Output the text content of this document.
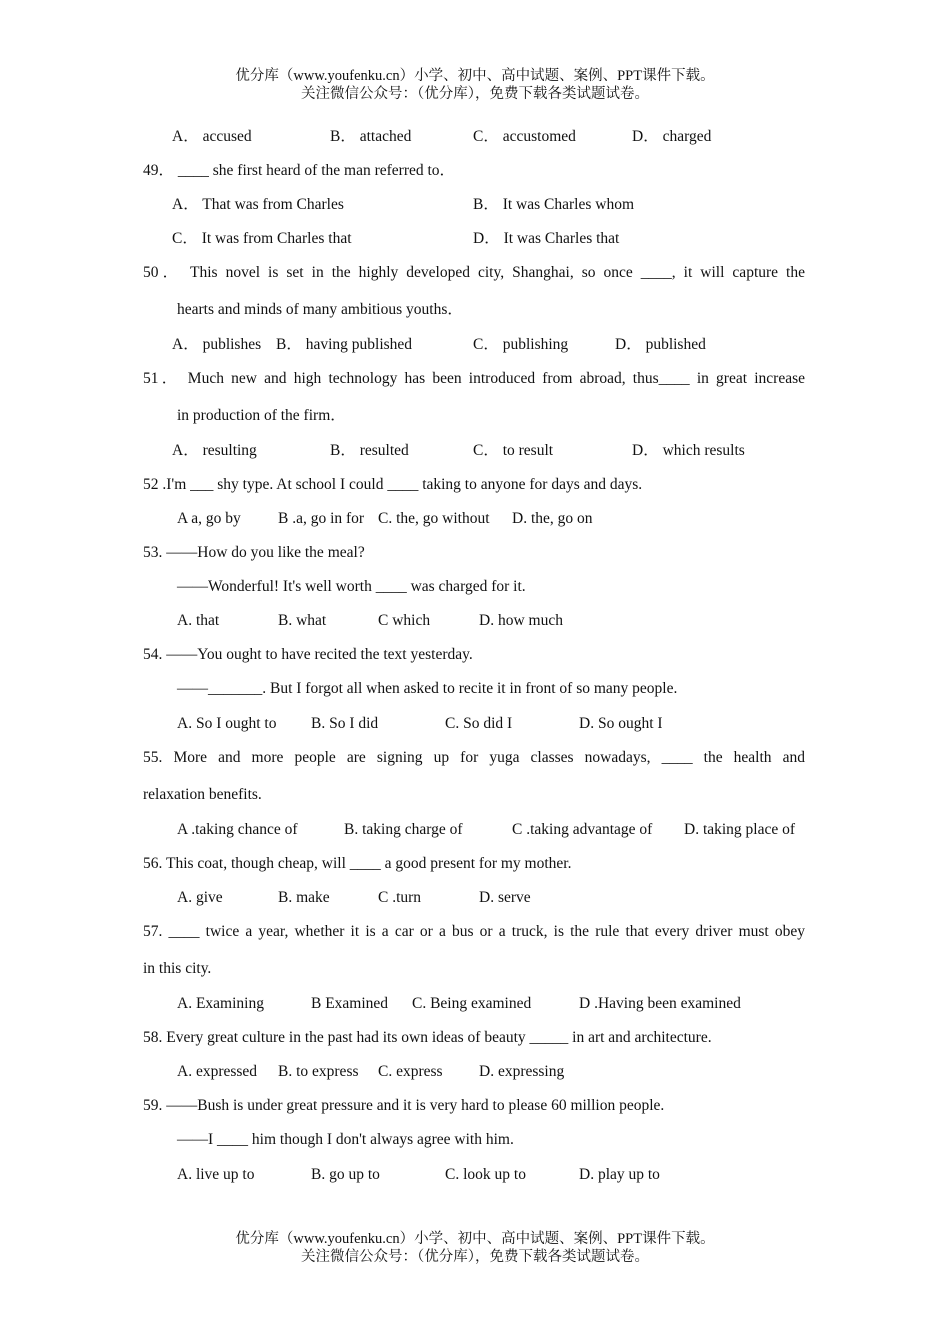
优分库（www.youfenku.cn）小学、初中、高中试题、案例、PPT课件下载。
关注微信公众号：（优分库），免费下载各类试题试卷。
A． accused	B． attached	C． accustomed	D． charged
49． ____ she first heard of the man referred to．
A． That was from Charles	B． It was Charles whom
C． It was from Charles that	D． It was Charles that
50． This novel is set in the highly developed city, Shanghai, so once ____, it will capture the
hearts and minds of many ambitious youths．
A． publishes B． having published	C． publishing	D． published
51． Much new and high technology has been introduced from abroad, thus____ in great increase
in production of the firm．
A． resulting	B． resulted	C． to result	D． which results
52 .I'm ___ shy type. At school I could ____ taking to anyone for days and days.
A a, go by B .a, go in for C. the, go without D. the, go on
53. ——How do you like the meal?
——Wonderful! It's well worth ____ was charged for it.
A. that	B. what	C which	D. how much
54. ——You ought to have recited the text yesterday.
——_______. But I forgot all when asked to recite it in front of so many people.
A. So I ought to B. So I did	C. So did I	D. So ought I
55. More and more people are signing up for yuga classes nowadays, ____ the health and
relaxation benefits.
A .taking chance of	B. taking charge of	C .taking advantage of D. taking place of
56. This coat, though cheap, will ____ a good present for my mother.
A. give	B. make	C .turn	D. serve
57. ____ twice a year, whether it is a car or a bus or a truck, is the rule that every driver must obey
in this city.
A. Examining	B Examined C. Being examined	D .Having been examined
58. Every great culture in the past had its own ideas of beauty _____ in art and architecture.
A. expressed B. to express C. express D. expressing
59. ——Bush is under great pressure and it is very hard to please 60 million people.
——I ____ him though I don't always agree with him.
A. live up to	B. go up to	C. look up to	D. play up to
优分库（www.youfenku.cn）小学、初中、高中试题、案例、PPT课件下载。
关注微信公众号：（优分库），免费下载各类试题试卷。
